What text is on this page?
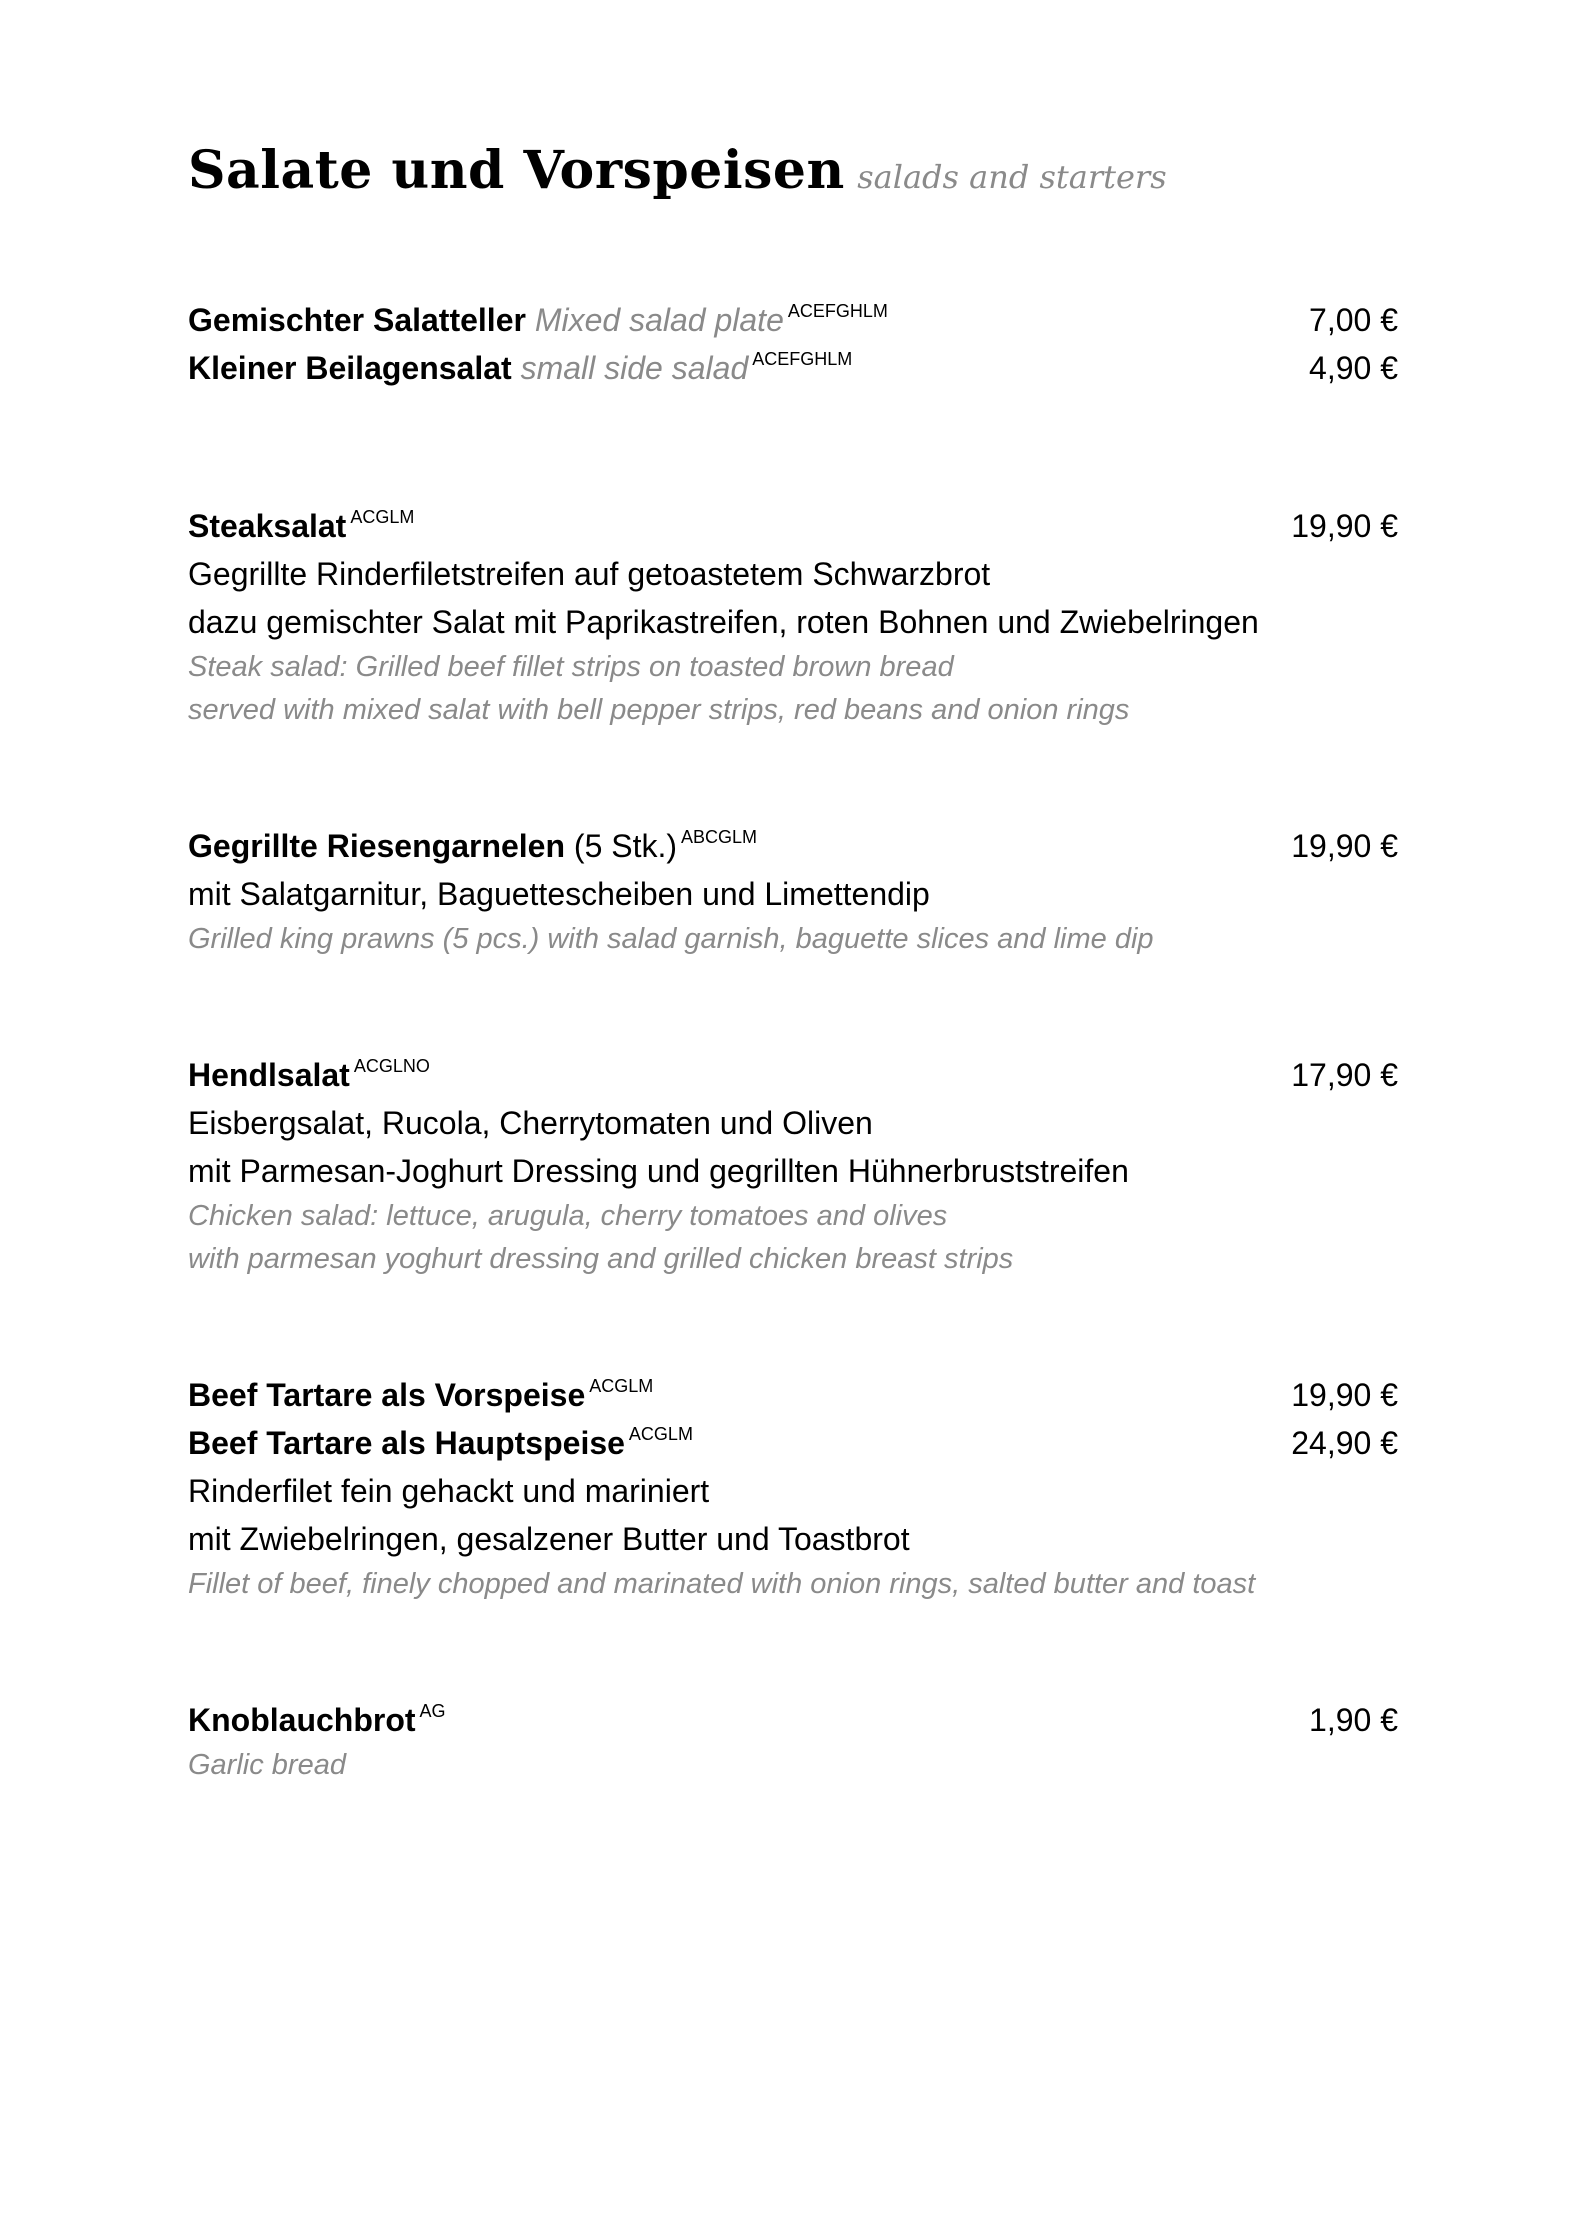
Salate und Vorspeisen salads and starters
Gemischter Salatteller Mixed salad plate $^{ACEFGHLM}$	7,00 €
Kleiner Beilagensalat small side salad $^{ACEFGHLM}$	4,90 €
Steaksalat $^{ACGLM}$	19,90 €
Gegrillte Rinderfiletstreifen auf getoastetem Schwarzbrot
dazu gemischter Salat mit Paprikastreifen, roten Bohnen und Zwiebelringen
Steak salad: Grilled beef fillet strips on toasted brown bread
served with mixed salat with bell pepper strips, red beans and onion rings
Gegrillte Riesengarnelen (5 Stk.) $^{ABCGLM}$	19,90 €
mit Salatgarnitur, Baguettescheiben und Limettendip
Grilled king prawns (5 pcs.) with salad garnish, baguette slices and lime dip
Hendlsalat $^{ACGLNO}$	17,90 €
Eisbergsalat, Rucola, Cherrytomaten und Oliven
mit Parmesan-Joghurt Dressing und gegrillten Hühnerbruststreifen
Chicken salad: lettuce, arugula, cherry tomatoes and olives
with parmesan yoghurt dressing and grilled chicken breast strips
Beef Tartare als Vorspeise $^{ACGLM}$	19,90 €
Beef Tartare als Hauptspeise $^{ACGLM}$	24,90 €
Rinderfilet fein gehackt und mariniert
mit Zwiebelringen, gesalzener Butter und Toastbrot
Fillet of beef, finely chopped and marinated with onion rings, salted butter and toast
Knoblauchbrot $^{AG}$	1,90 €
Garlic bread
